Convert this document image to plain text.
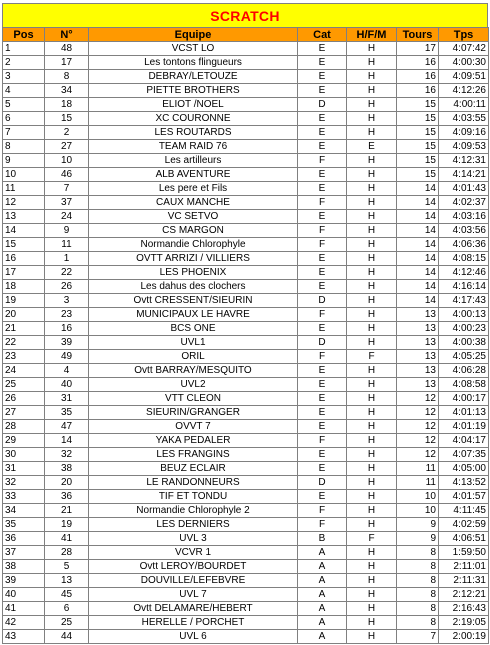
SCRATCH
Pos	N°	Equipe	Cat	H/F/M	Tours	Tps
1	48	VCST LO	E	H	17	4:07:42
2	17	Les tontons flingueurs	E	H	16	4:00:30
3	8	DEBRAY/LETOUZE	E	H	16	4:09:51
4	34	PIETTE BROTHERS	E	H	16	4:12:26
5	18	ELIOT /NOEL	D	H	15	4:00:11
6	15	XC COURONNE	E	H	15	4:03:55
7	2	LES ROUTARDS	E	H	15	4:09:16
8	27	TEAM RAID 76	E	E	15	4:09:53
9	10	Les artilleurs	F	H	15	4:12:31
10	46	ALB AVENTURE	E	H	15	4:14:21
11	7	Les pere et Fils	E	H	14	4:01:43
12	37	CAUX MANCHE	F	H	14	4:02:37
13	24	VC SETVO	E	H	14	4:03:16
14	9	CS MARGON	F	H	14	4:03:56
15	11	Normandie Chlorophyle	F	H	14	4:06:36
16	1	OVTT ARRIZI / VILLIERS	E	H	14	4:08:15
17	22	LES PHOENIX	E	H	14	4:12:46
18	26	Les dahus des clochers	E	H	14	4:16:14
19	3	Ovtt CRESSENT/SIEURIN	D	H	14	4:17:43
20	23	MUNICIPAUX LE HAVRE	F	H	13	4:00:13
21	16	BCS ONE	E	H	13	4:00:23
22	39	UVL1	D	H	13	4:00:38
23	49	ORIL	F	F	13	4:05:25
24	4	Ovtt BARRAY/MESQUITO	E	H	13	4:06:28
25	40	UVL2	E	H	13	4:08:58
26	31	VTT CLEON	E	H	12	4:00:17
27	35	SIEURIN/GRANGER	E	H	12	4:01:13
28	47	OVVT 7	E	H	12	4:01:19
29	14	YAKA PEDALER	F	H	12	4:04:17
30	32	LES FRANGINS	E	H	12	4:07:35
31	38	BEUZ ECLAIR	E	H	11	4:05:00
32	20	LE RANDONNEURS	D	H	11	4:13:52
33	36	TIF ET TONDU	E	H	10	4:01:57
34	21	Normandie Chlorophyle 2	F	H	10	4:11:45
35	19	LES DERNIERS	F	H	9	4:02:59
36	41	UVL 3	B	F	9	4:06:51
37	28	VCVR 1	A	H	8	1:59:50
38	5	Ovtt LEROY/BOURDET	A	H	8	2:11:01
39	13	DOUVILLE/LEFEBVRE	A	H	8	2:11:31
40	45	UVL 7	A	H	8	2:12:21
41	6	Ovtt DELAMARE/HEBERT	A	H	8	2:16:43
42	25	HERELLE / PORCHET	A	H	8	2:19:05
43	44	UVL 6	A	H	7	2:00:19
